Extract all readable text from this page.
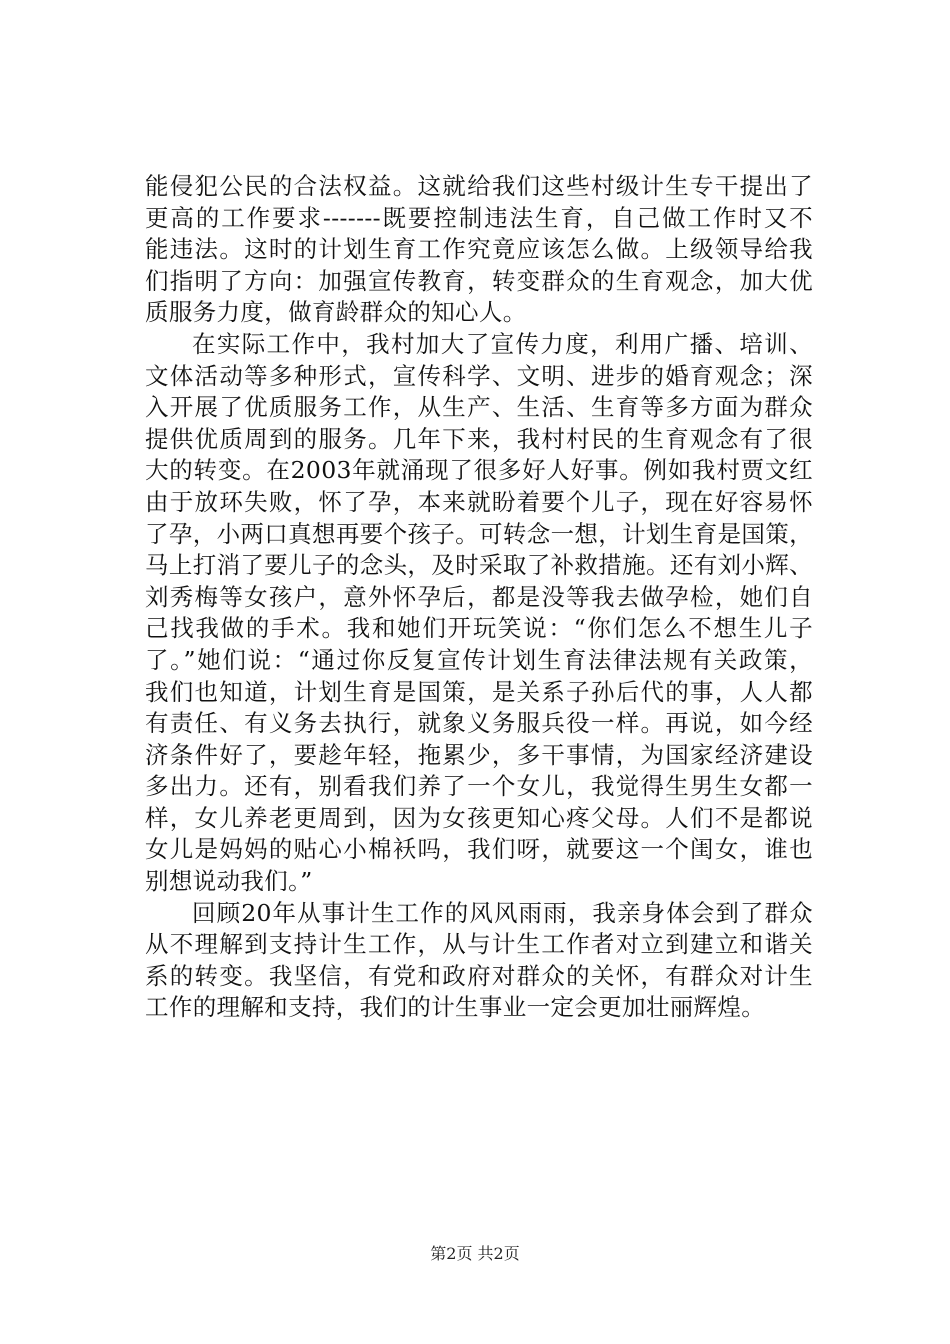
能侵犯公民的合法权益。这就给我们这些村级计生专干提出了
更高的工作要求-------既要控制违法生育，自己做工作时又不
能违法。这时的计划生育工作究竟应该怎么做。上级领导给我
们指明了方向：加强宣传教育，转变群众的生育观念，加大优
质服务力度，做育龄群众的知心人。
在实际工作中，我村加大了宣传力度，利用广播、培训、
文体活动等多种形式，宣传科学、文明、进步的婚育观念；深
入开展了优质服务工作，从生产、生活、生育等多方面为群众
提供优质周到的服务。几年下来，我村村民的生育观念有了很
大的转变。在2003年就涌现了很多好人好事。例如我村贾文红
由于放环失败，怀了孕，本来就盼着要个儿子，现在好容易怀
了孕，小两口真想再要个孩子。可转念一想，计划生育是国策，
马上打消了要儿子的念头，及时采取了补救措施。还有刘小辉、
刘秀梅等女孩户，意外怀孕后，都是没等我去做孕检，她们自
己找我做的手术。我和她们开玩笑说：“你们怎么不想生儿子
了。”她们说：“通过你反复宣传计划生育法律法规有关政策，
我们也知道，计划生育是国策，是关系子孙后代的事，人人都
有责任、有义务去执行，就象义务服兵役一样。再说，如今经
济条件好了，要趁年轻，拖累少，多干事情，为国家经济建设
多出力。还有，别看我们养了一个女儿，我觉得生男生女都一
样，女儿养老更周到，因为女孩更知心疼父母。人们不是都说
女儿是妈妈的贴心小棉袄吗，我们呀，就要这一个闺女，谁也
别想说动我们。”
回顾20年从事计生工作的风风雨雨，我亲身体会到了群众
从不理解到支持计生工作，从与计生工作者对立到建立和谐关
系的转变。我坚信，有党和政府对群众的关怀，有群众对计生
工作的理解和支持，我们的计生事业一定会更加壮丽辉煌。
第2页 共2页
